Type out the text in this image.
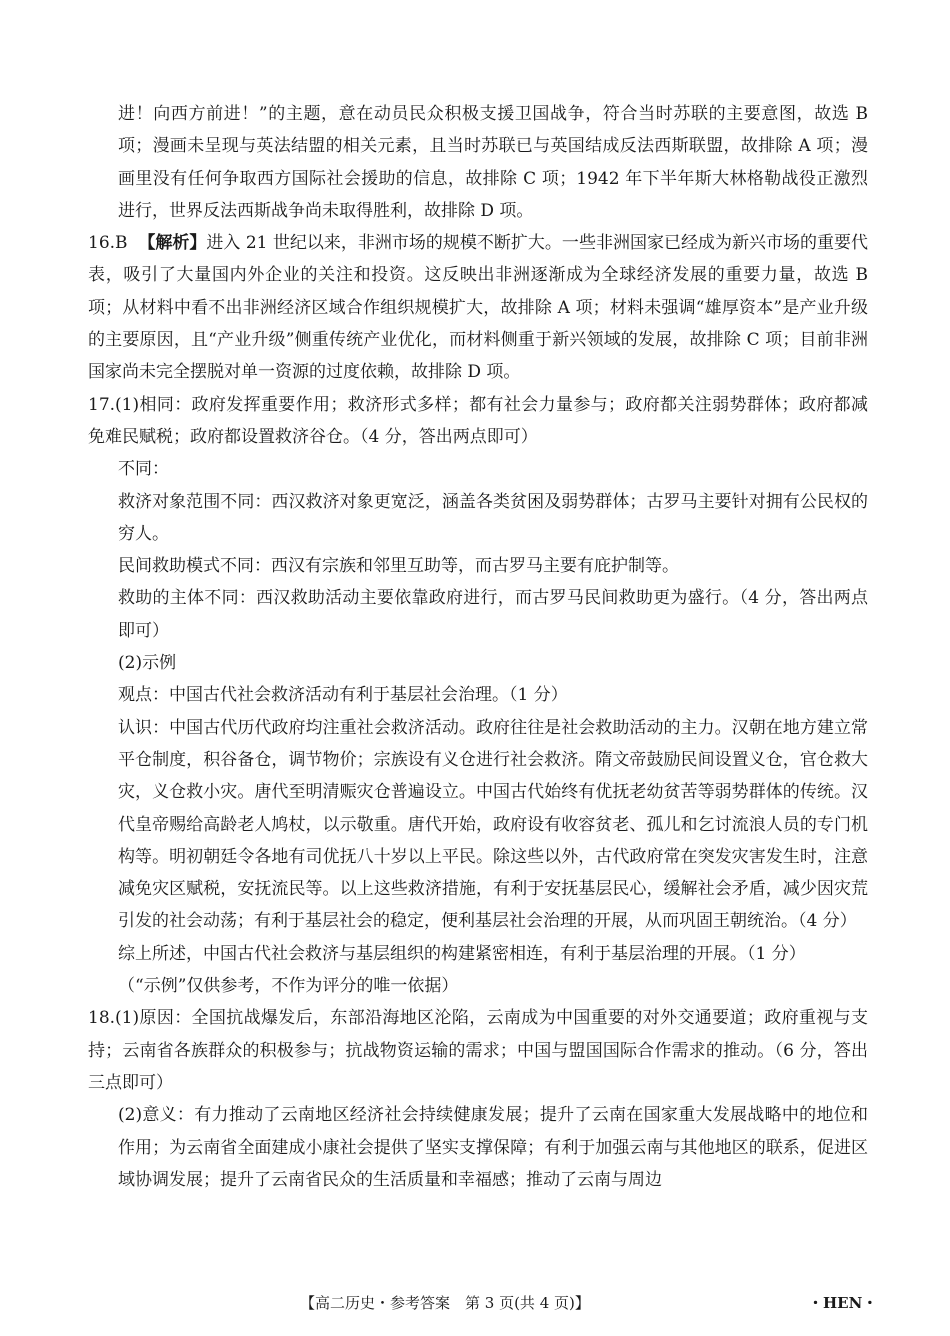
进！向西方前进！”的主题，意在动员民众积极支援卫国战争，符合当时苏联的主要意图，故选 B 项；漫画未呈现与英法结盟的相关元素，且当时苏联已与英国结成反法西斯联盟，故排除 A 项；漫画里没有任何争取西方国际社会援助的信息，故排除 C 项；1942 年下半年斯大林格勒战役正激烈进行，世界反法西斯战争尚未取得胜利，故排除 D 项。

16.B 【解析】进入 21 世纪以来，非洲市场的规模不断扩大。一些非洲国家已经成为新兴市场的重要代表，吸引了大量国内外企业的关注和投资。这反映出非洲逐渐成为全球经济发展的重要力量，故选 B 项；从材料中看不出非洲经济区域合作组织规模扩大，故排除 A 项；材料未强调“雄厚资本”是产业升级的主要原因，且“产业升级”侧重传统产业优化，而材料侧重于新兴领域的发展，故排除 C 项；目前非洲国家尚未完全摆脱对单一资源的过度依赖，故排除 D 项。

17.(1)相同：政府发挥重要作用；救济形式多样；都有社会力量参与；政府都关注弱势群体；政府都减免难民赋税；政府都设置救济谷仓。（4 分，答出两点即可）

不同：

救济对象范围不同：西汉救济对象更宽泛，涵盖各类贫困及弱势群体；古罗马主要针对拥有公民权的穷人。

民间救助模式不同：西汉有宗族和邻里互助等，而古罗马主要有庇护制等。

救助的主体不同：西汉救助活动主要依靠政府进行，而古罗马民间救助更为盛行。（4 分，答出两点即可）

(2)示例

观点：中国古代社会救济活动有利于基层社会治理。（1 分）

认识：中国古代历代政府均注重社会救济活动。政府往往是社会救助活动的主力。汉朝在地方建立常平仓制度，积谷备仓，调节物价；宗族设有义仓进行社会救济。隋文帝鼓励民间设置义仓，官仓救大灾，义仓救小灾。唐代至明清赈灾仓普遍设立。中国古代始终有优抚老幼贫苦等弱势群体的传统。汉代皇帝赐给高龄老人鸠杖，以示敬重。唐代开始，政府设有收容贫老、孤儿和乞讨流浪人员的专门机构等。明初朝廷令各地有司优抚八十岁以上平民。除这些以外，古代政府常在突发灾害发生时，注意减免灾区赋税，安抚流民等。以上这些救济措施，有利于安抚基层民心，缓解社会矛盾，减少因灾荒引发的社会动荡；有利于基层社会的稳定，便利基层社会治理的开展，从而巩固王朝统治。（4 分）

综上所述，中国古代社会救济与基层组织的构建紧密相连，有利于基层治理的开展。（1 分）

（“示例”仅供参考，不作为评分的唯一依据）

18.(1)原因：全国抗战爆发后，东部沿海地区沦陷，云南成为中国重要的对外交通要道；政府重视与支持；云南省各族群众的积极参与；抗战物资运输的需求；中国与盟国国际合作需求的推动。（6 分，答出三点即可）

(2)意义：有力推动了云南地区经济社会持续健康发展；提升了云南在国家重大发展战略中的地位和作用；为云南省全面建成小康社会提供了坚实支撑保障；有利于加强云南与其他地区的联系，促进区域协调发展；提升了云南省民众的生活质量和幸福感；推动了云南与周边

【高二历史・参考答案　第 3 页(共 4 页)】	・HEN・
